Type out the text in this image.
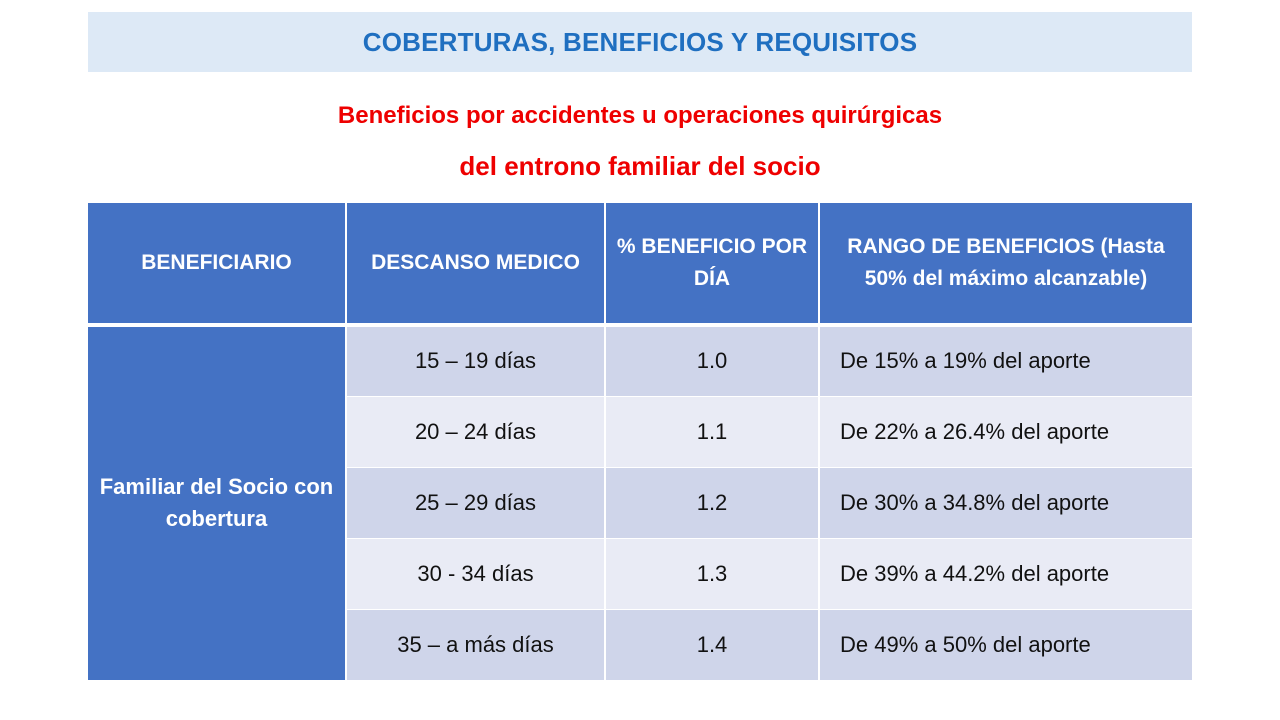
COBERTURAS, BENEFICIOS Y REQUISITOS
Beneficios por accidentes u operaciones quirúrgicas
del entrono familiar del socio
BENEFICIARIO	DESCANSO MEDICO	% BENEFICIO POR DÍA	RANGO DE BENEFICIOS (Hasta 50% del máximo alcanzable)
Familiar del Socio con cobertura	15 – 19 días	1.0	De 15% a 19% del aporte
	20 – 24 días	1.1	De 22% a 26.4% del aporte
	25 – 29 días	1.2	De 30% a 34.8% del aporte
	30 - 34 días	1.3	De 39% a 44.2% del aporte
	35 – a más días	1.4	De 49% a 50% del aporte
